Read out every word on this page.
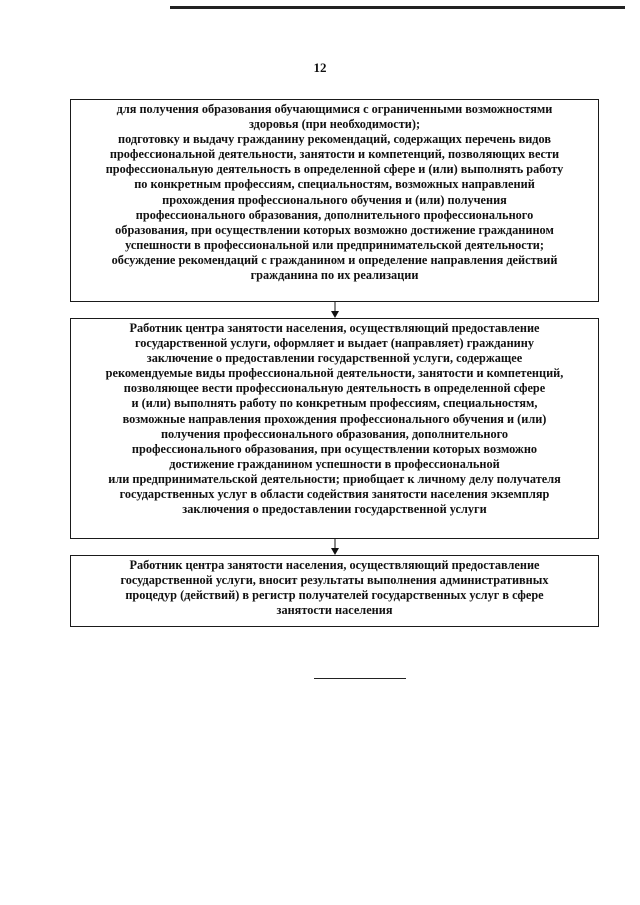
12
для получения образования обучающимися с ограниченными возможностями
здоровья (при необходимости);
подготовку и выдачу гражданину рекомендаций, содержащих перечень видов
профессиональной деятельности, занятости и компетенций, позволяющих вести
профессиональную деятельность в определенной сфере и (или) выполнять работу
по конкретным профессиям, специальностям, возможных направлений
прохождения профессионального обучения и (или) получения
профессионального образования, дополнительного профессионального
образования, при осуществлении которых возможно достижение гражданином
успешности в профессиональной или предпринимательской деятельности;
обсуждение рекомендаций с гражданином и определение направления действий
гражданина по их реализации
Работник центра занятости населения, осуществляющий предоставление
государственной услуги, оформляет и выдает (направляет) гражданину
заключение о предоставлении государственной услуги, содержащее
рекомендуемые виды профессиональной деятельности, занятости и компетенций,
позволяющее вести профессиональную деятельность в определенной сфере
и (или) выполнять работу по конкретным профессиям, специальностям,
возможные направления прохождения профессионального обучения и (или)
получения профессионального образования, дополнительного
профессионального образования, при осуществлении которых возможно
достижение гражданином успешности в профессиональной
или предпринимательской деятельности; приобщает к личному делу получателя
государственных услуг в области содействия занятости населения экземпляр
заключения о предоставлении государственной услуги
Работник центра занятости населения, осуществляющий предоставление
государственной услуги, вносит результаты выполнения административных
процедур (действий) в регистр получателей государственных услуг в сфере
занятости населения
